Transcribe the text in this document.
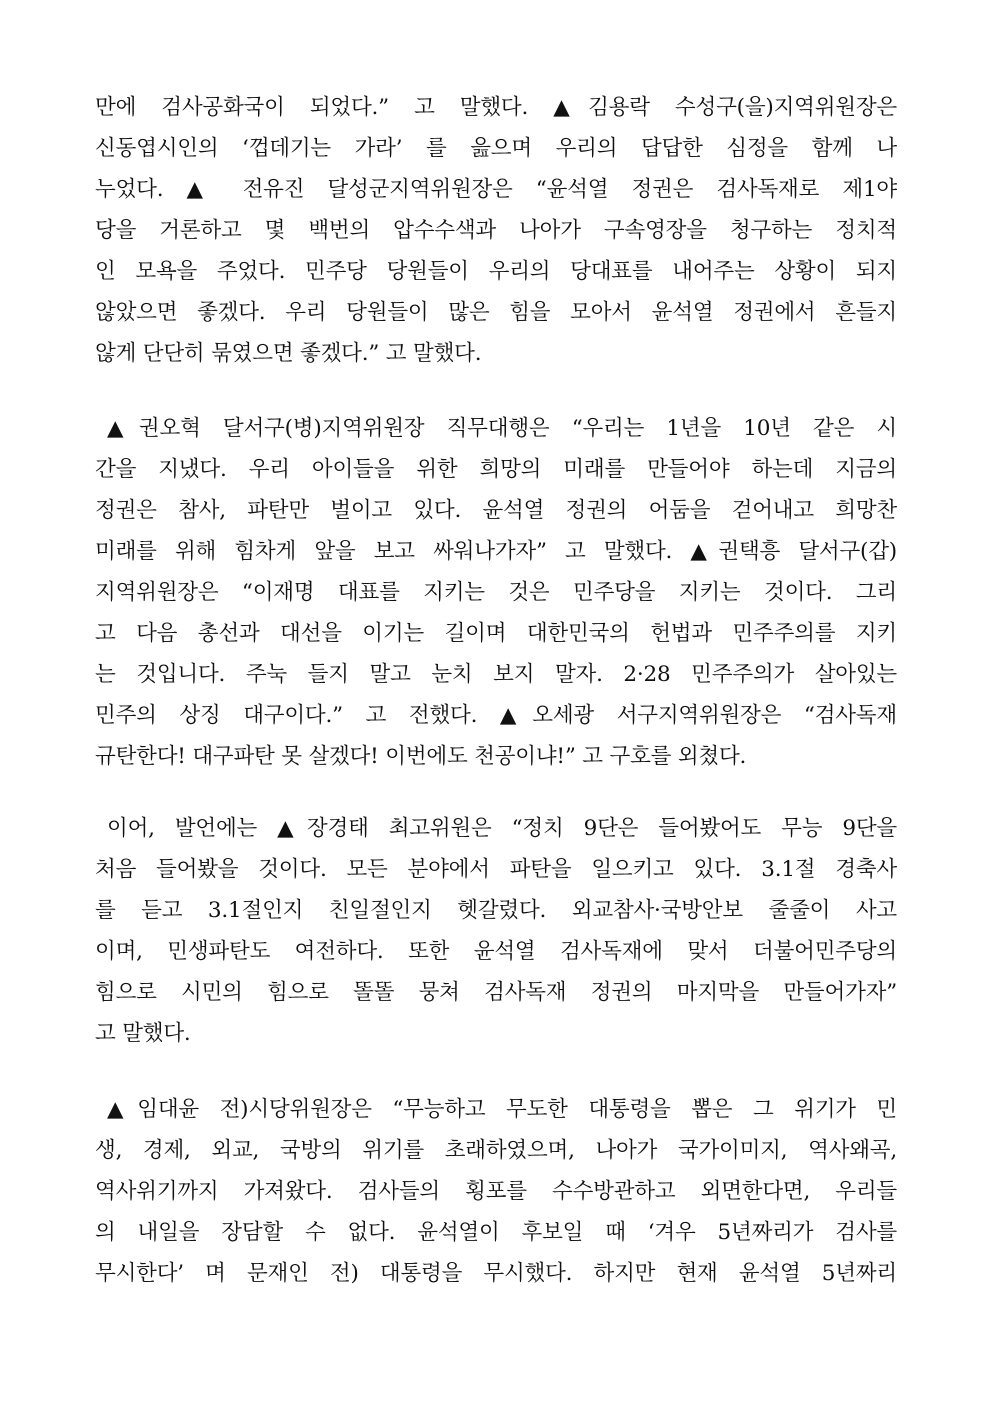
만에 검사공화국이 되었다.” 고 말했다. ▲김용락 수성구(을)지역위원장은
신동엽시인의 ‘껍데기는 가라’ 를 읊으며 우리의 답답한 심정을 함께 나
누었다. ▲ 전유진 달성군지역위원장은 “윤석열 정권은 검사독재로 제1야
당을 거론하고 몇 백번의 압수수색과 나아가 구속영장을 청구하는 정치적
인 모욕을 주었다. 민주당 당원들이 우리의 당대표를 내어주는 상황이 되지
않았으면 좋겠다. 우리 당원들이 많은 힘을 모아서 윤석열 정권에서 흔들지
않게 단단히 묶였으면 좋겠다.” 고 말했다.
▲권오혁 달서구(병)지역위원장 직무대행은 “우리는 1년을 10년 같은 시
간을 지냈다. 우리 아이들을 위한 희망의 미래를 만들어야 하는데 지금의
정권은 참사, 파탄만 벌이고 있다. 윤석열 정권의 어둠을 걷어내고 희망찬
미래를 위해 힘차게 앞을 보고 싸워나가자” 고 말했다. ▲권택흥 달서구(갑)
지역위원장은 “이재명 대표를 지키는 것은 민주당을 지키는 것이다. 그리
고 다음 총선과 대선을 이기는 길이며 대한민국의 헌법과 민주주의를 지키
는 것입니다. 주눅 들지 말고 눈치 보지 말자. 2·28 민주주의가 살아있는
민주의 상징 대구이다.” 고 전했다. ▲오세광 서구지역위원장은 “검사독재
규탄한다! 대구파탄 못 살겠다! 이번에도 천공이냐!” 고 구호를 외쳤다.
이어, 발언에는 ▲장경태 최고위원은 “정치 9단은 들어봤어도 무능 9단을
처음 들어봤을 것이다. 모든 분야에서 파탄을 일으키고 있다. 3.1절 경축사
를 듣고 3.1절인지 친일절인지 헷갈렸다. 외교참사·국방안보 줄줄이 사고
이며, 민생파탄도 여전하다. 또한 윤석열 검사독재에 맞서 더불어민주당의
힘으로 시민의 힘으로 똘똘 뭉쳐 검사독재 정권의 마지막을 만들어가자”
고 말했다.
▲임대윤 전)시당위원장은 “무능하고 무도한 대통령을 뽑은 그 위기가 민
생, 경제, 외교, 국방의 위기를 초래하였으며, 나아가 국가이미지, 역사왜곡,
역사위기까지 가져왔다. 검사들의 횡포를 수수방관하고 외면한다면, 우리들
의 내일을 장담할 수 없다. 윤석열이 후보일 때 ‘겨우 5년짜리가 검사를
무시한다’ 며 문재인 전) 대통령을 무시했다. 하지만 현재 윤석열 5년짜리
